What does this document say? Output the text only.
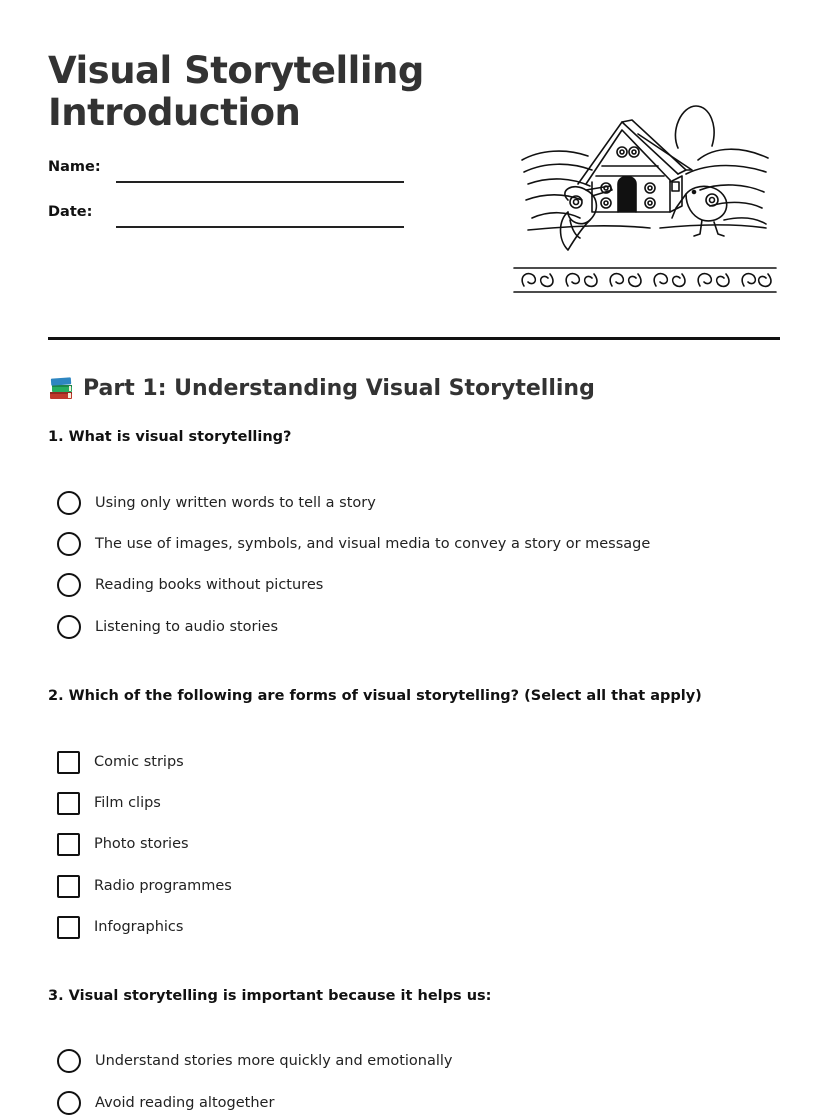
Visual Storytelling
Introduction
Name:
Date:
Part 1: Understanding Visual Storytelling
1. What is visual storytelling?
Using only written words to tell a story
The use of images, symbols, and visual media to convey a story or message
Reading books without pictures
Listening to audio stories
2. Which of the following are forms of visual storytelling? (Select all that apply)
Comic strips
Film clips
Photo stories
Radio programmes
Infographics
3. Visual storytelling is important because it helps us:
Understand stories more quickly and emotionally
Avoid reading altogether
